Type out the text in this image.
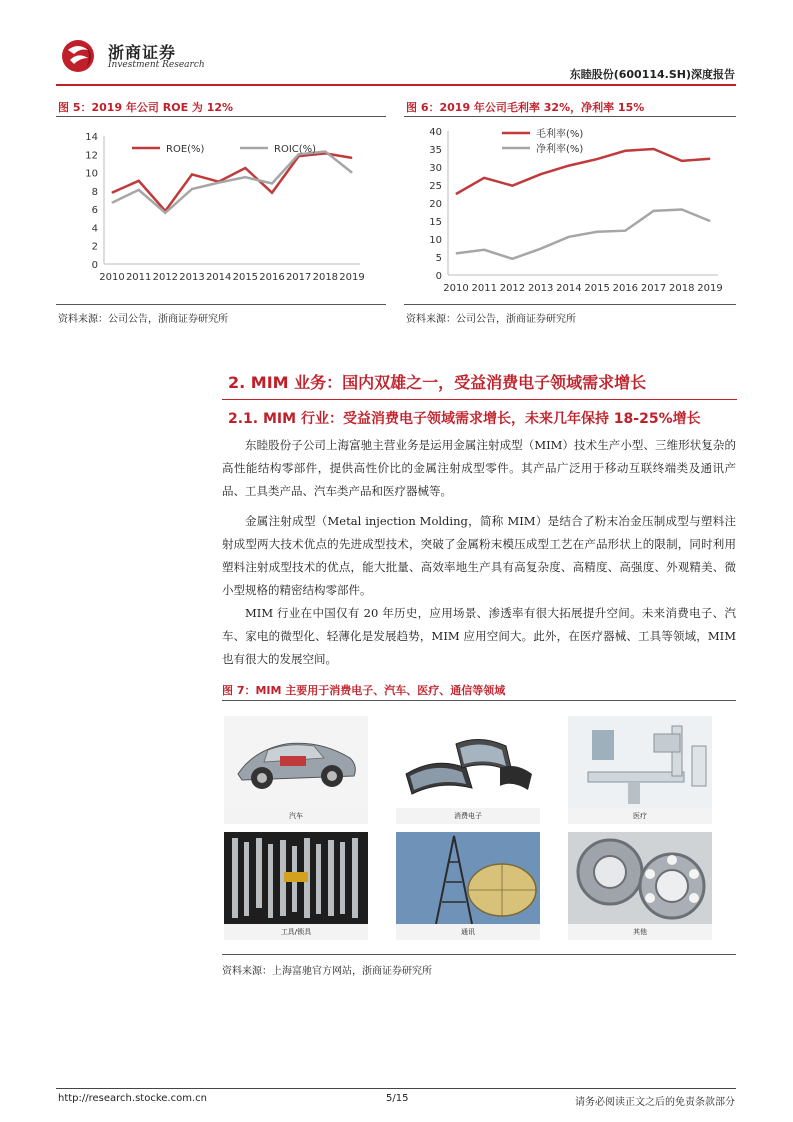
浙商证券
Investment Research
东睦股份(600114.SH)深度报告
图 5：2019 年公司 ROE 为 12%
0
2
4
6
8
10
12
14
2010 2011 2012 2013 2014 2015 2016 2017 2018 2019
ROE(%)	ROIC(%)
资料来源：公司公告，浙商证券研究所
图 6：2019 年公司毛利率 32%，净利率 15%
0
5
10
15
20
25
30
35
40
2010 2011 2012 2013 2014 2015 2016 2017 2018 2019
毛利率(%)
净利率(%)
资料来源：公司公告，浙商证券研究所
2. MIM 业务：国内双雄之一，受益消费电子领域需求增长
2.1. MIM 行业：受益消费电子领域需求增长，未来几年保持 18-25%增长

东睦股份子公司上海富驰主营业务是运用金属注射成型（MIM）技术生产小型、三维形状复杂的高性能结构零部件，提供高性价比的金属注射成型零件。其产品广泛用于移动互联终端类及通讯产品、工具类产品、汽车类产品和医疗器械等。

金属注射成型（Metal injection Molding，简称 MIM）是结合了粉末冶金压制成型与塑料注射成型两大技术优点的先进成型技术，突破了金属粉末模压成型工艺在产品形状上的限制，同时利用塑料注射成型技术的优点，能大批量、高效率地生产具有高复杂度、高精度、高强度、外观精美、微小型规格的精密结构零部件。

MIM 行业在中国仅有 20 年历史，应用场景、渗透率有很大拓展提升空间。未来消费电子、汽车、家电的微型化、轻薄化是发展趋势，MIM 应用空间大。此外，在医疗器械、工具等领域，MIM 也有很大的发展空间。

图 7：MIM 主要用于消费电子、汽车、医疗、通信等领域
汽车	消费电子	医疗
工具/锁具	通讯	其他
资料来源：上海富驰官方网站，浙商证券研究所
http://research.stocke.com.cn	5/15	请务必阅读正文之后的免责条款部分
